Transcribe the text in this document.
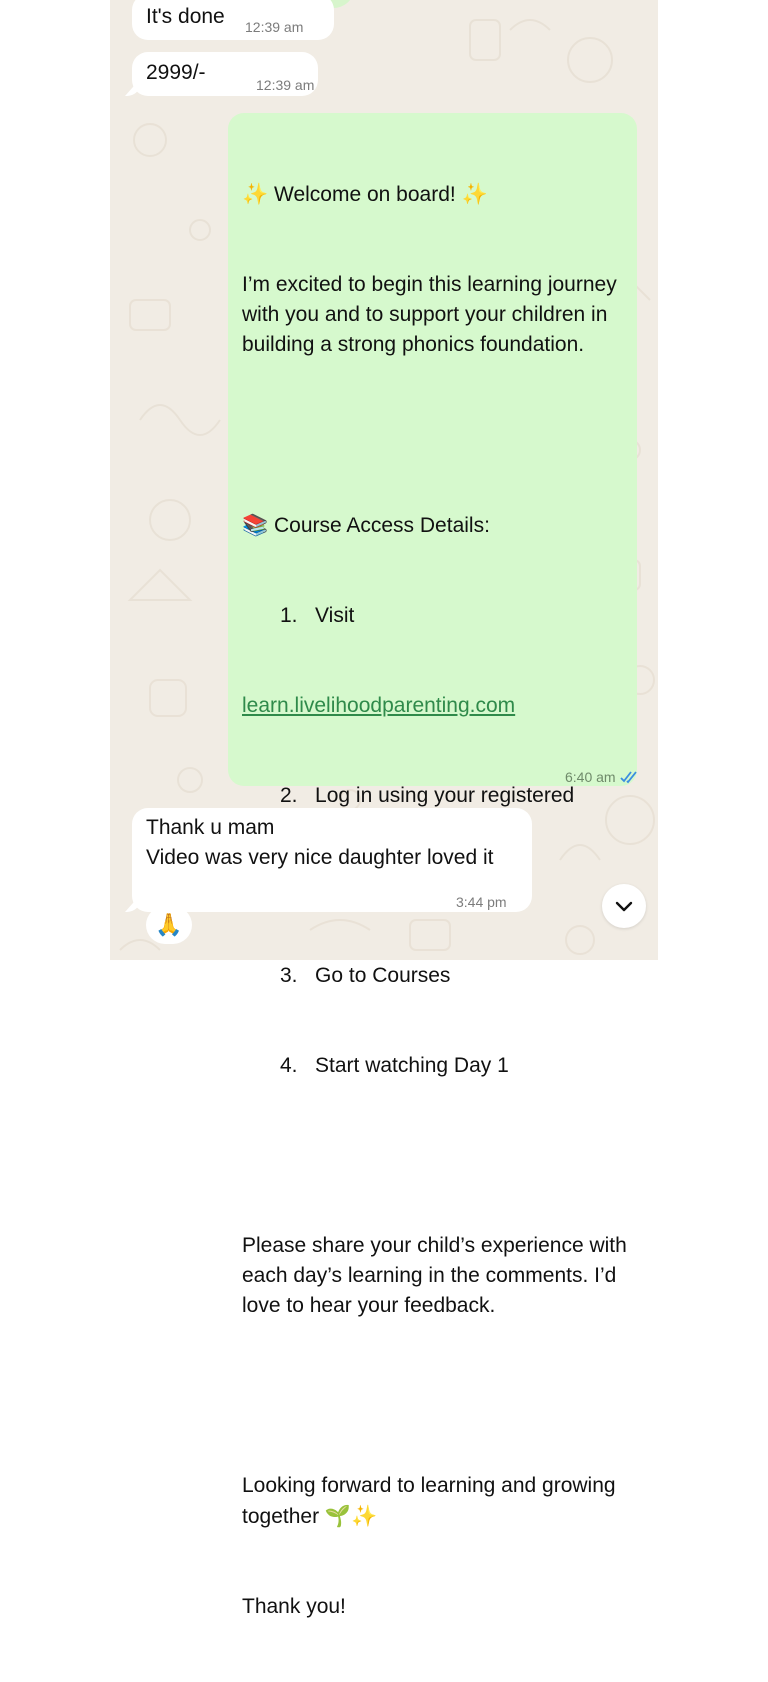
It's done 12:39 am
2999/-
12:39 am

✨ Welcome on board! ✨

I’m excited to begin this learning journey with you and to support your children in building a strong phonics foundation.

📚 Course Access Details:

1. Visit

learn.livelihoodparenting.com

2. Log in using your registered

3. Go to Courses

4. Start watching Day 1

Please share your child’s experience with each day’s learning in the comments. I’d love to hear your feedback.

Looking forward to learning and growing together 🌱✨

Thank you!

6:40 am
Thank u mam
Video was very nice daughter loved it
3:44 pm
🙏
